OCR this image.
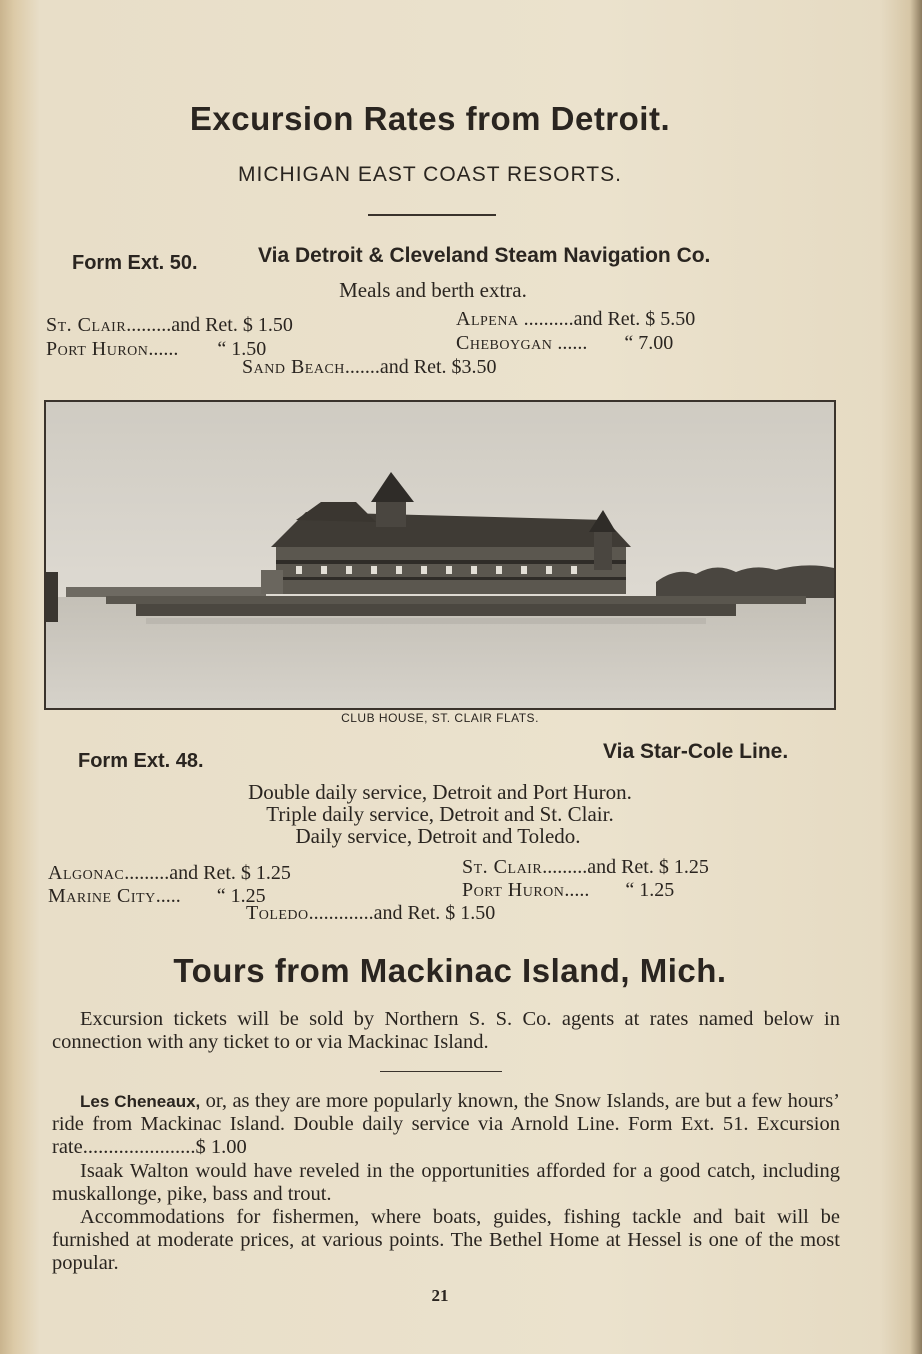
Excursion Rates from Detroit.
MICHIGAN EAST COAST RESORTS.
Form Ext. 50.	Via Detroit & Cleveland Steam Navigation Co.
Meals and berth extra.
St. Clair.........and Ret. $ 1.50	Alpena ..........and Ret. $ 5.50
Port Huron...... “ 1.50	Cheboygan ...... “ 7.00
Sand Beach.......and Ret. $3.50
CLUB HOUSE, ST. CLAIR FLATS.
Form Ext. 48.	Via Star-Cole Line.
Double daily service, Detroit and Port Huron.
Triple daily service, Detroit and St. Clair.
Daily service, Detroit and Toledo.
Algonac.........and Ret. $ 1.25	St. Clair.........and Ret. $ 1.25
Marine City..... “ 1.25	Port Huron..... “ 1.25
Toledo.............and Ret. $ 1.50
Tours from Mackinac Island, Mich.
Excursion tickets will be sold by Northern S. S. Co. agents at rates named below in connection with any ticket to or via Mackinac Island.
Les Cheneaux, or, as they are more popularly known, the Snow Islands, are but a few hours’ ride from Mackinac Island. Double daily service via Arnold Line. Form Ext. 51. Excursion rate......................$ 1.00
Isaak Walton would have reveled in the opportunities afforded for a good catch, including muskallonge, pike, bass and trout.
Accommodations for fishermen, where boats, guides, fishing tackle and bait will be furnished at moderate prices, at various points. The Bethel Home at Hessel is one of the most popular.
21
